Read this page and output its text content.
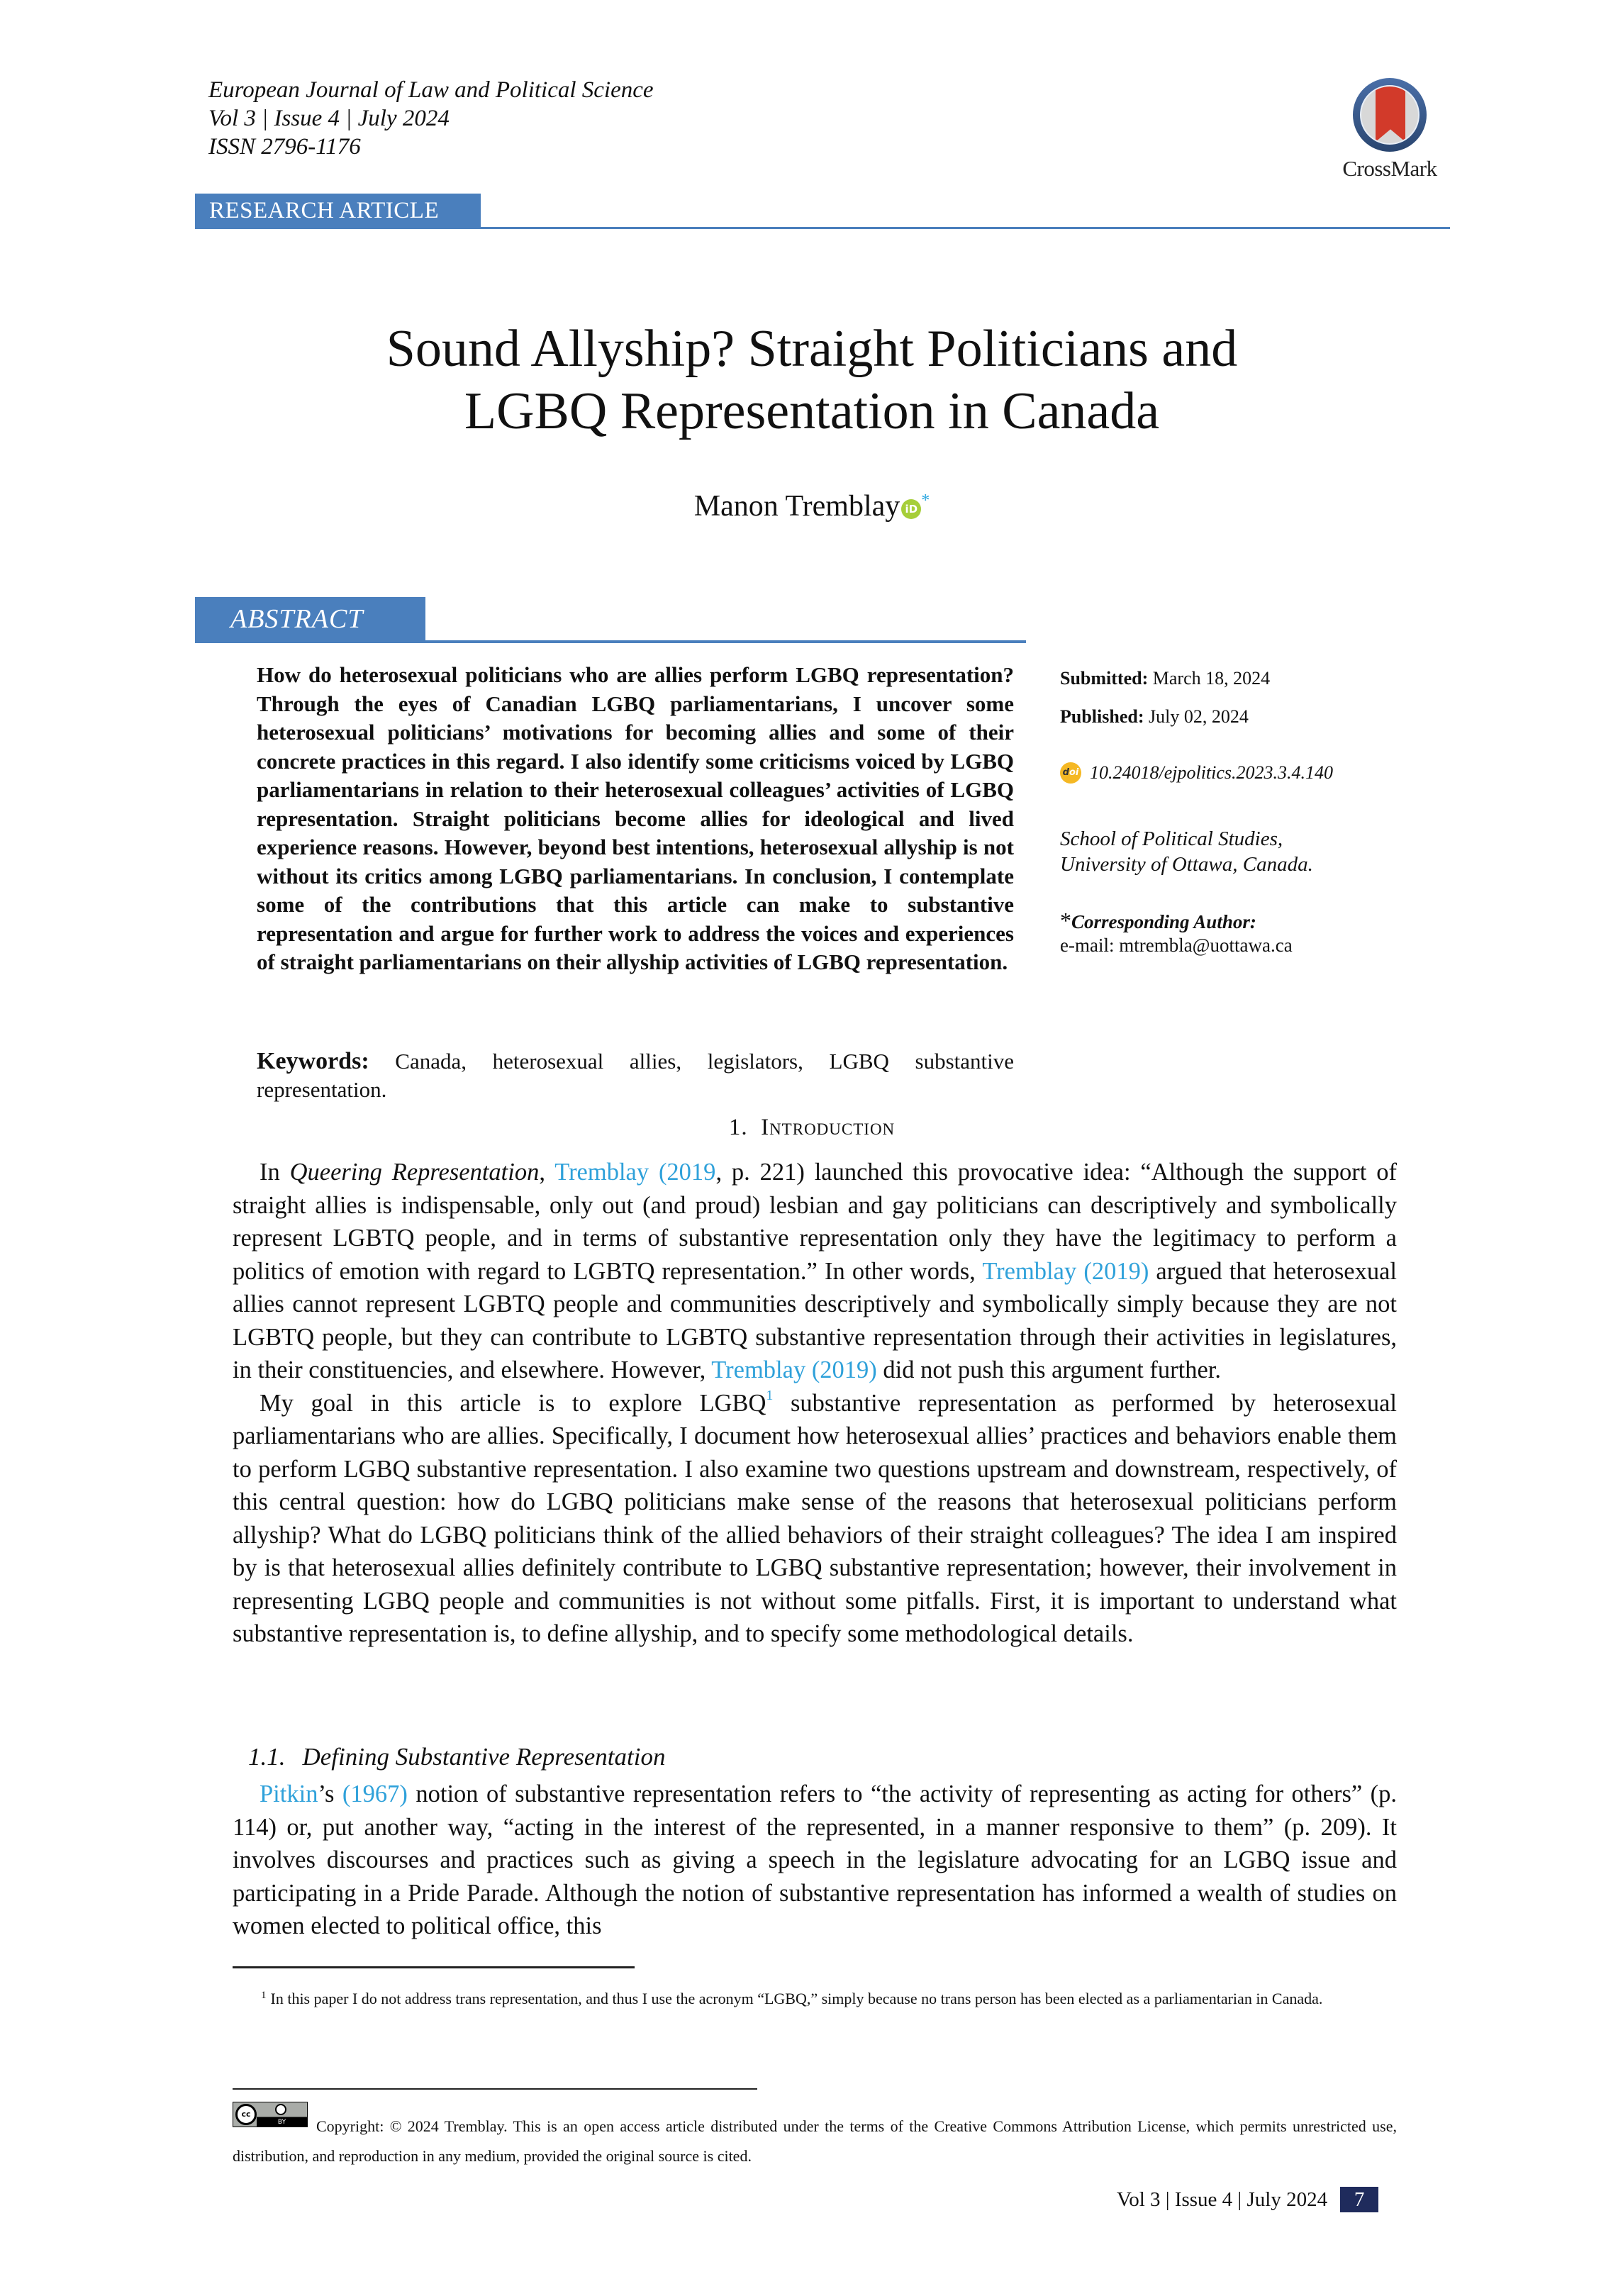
European Journal of Law and Political Science
Vol 3 | Issue 4 | July 2024
ISSN 2796-1176
CrossMark
RESEARCH ARTICLE
Sound Allyship? Straight Politicians and
LGBQ Representation in Canada
Manon Tremblay iD *
ABSTRACT
How do heterosexual politicians who are allies perform LGBQ representation? Through the eyes of Canadian LGBQ parliamentarians, I uncover some heterosexual politicians’ motivations for becoming allies and some of their concrete practices in this regard. I also identify some criticisms voiced by LGBQ parliamentarians in relation to their heterosexual colleagues’ activities of LGBQ representation. Straight politicians become allies for ideological and lived experience reasons. However, beyond best intentions, heterosexual allyship is not without its critics among LGBQ parliamentarians. In conclusion, I contemplate some of the contributions that this article can make to substantive representation and argue for further work to address the voices and experiences of straight parliamentarians on their allyship activities of LGBQ representation.
Keywords: Canada, heterosexual allies, legislators, LGBQ substantive representation.
Submitted: March 18, 2024
Published: July 02, 2024
doi 10.24018/ejpolitics.2023.3.4.140
School of Political Studies,
University of Ottawa, Canada.
*Corresponding Author:
e-mail: mtrembla@uottawa.ca
1. Introduction

In Queering Representation, Tremblay (2019, p. 221) launched this provocative idea: “Although the support of straight allies is indispensable, only out (and proud) lesbian and gay politicians can descriptively and symbolically represent LGBTQ people, and in terms of substantive representation only they have the legitimacy to perform a politics of emotion with regard to LGBTQ representation.” In other words, Tremblay (2019) argued that heterosexual allies cannot represent LGBTQ people and communities descriptively and symbolically simply because they are not LGBTQ people, but they can contribute to LGBTQ substantive representation through their activities in legislatures, in their constituencies, and elsewhere. However, Tremblay (2019) did not push this argument further.

My goal in this article is to explore LGBQ$^1$ substantive representation as performed by heterosexual parliamentarians who are allies. Specifically, I document how heterosexual allies’ practices and behaviors enable them to perform LGBQ substantive representation. I also examine two questions upstream and downstream, respectively, of this central question: how do LGBQ politicians make sense of the reasons that heterosexual politicians perform allyship? What do LGBQ politicians think of the allied behaviors of their straight colleagues? The idea I am inspired by is that heterosexual allies definitely contribute to LGBQ substantive representation; however, their involvement in representing LGBQ people and communities is not without some pitfalls. First, it is important to understand what substantive representation is, to define allyship, and to specify some methodological details.

1.1. Defining Substantive Representation

Pitkin’s (1967) notion of substantive representation refers to “the activity of representing as acting for others” (p. 114) or, put another way, “acting in the interest of the represented, in a manner responsive to them” (p. 209). It involves discourses and practices such as giving a speech in the legislature advocating for an LGBQ issue and participating in a Pride Parade. Although the notion of substantive representation has informed a wealth of studies on women elected to political office, this

$^1$ In this paper I do not address trans representation, and thus I use the acronym “LGBQ,” simply because no trans person has been elected as a parliamentarian in Canada.
Copyright: © 2024 Tremblay. This is an open access article distributed under the terms of the Creative Commons Attribution License, which permits unrestricted use, distribution, and reproduction in any medium, provided the original source is cited.
cc
BY
Vol 3 | Issue 4 | July 2024	7
